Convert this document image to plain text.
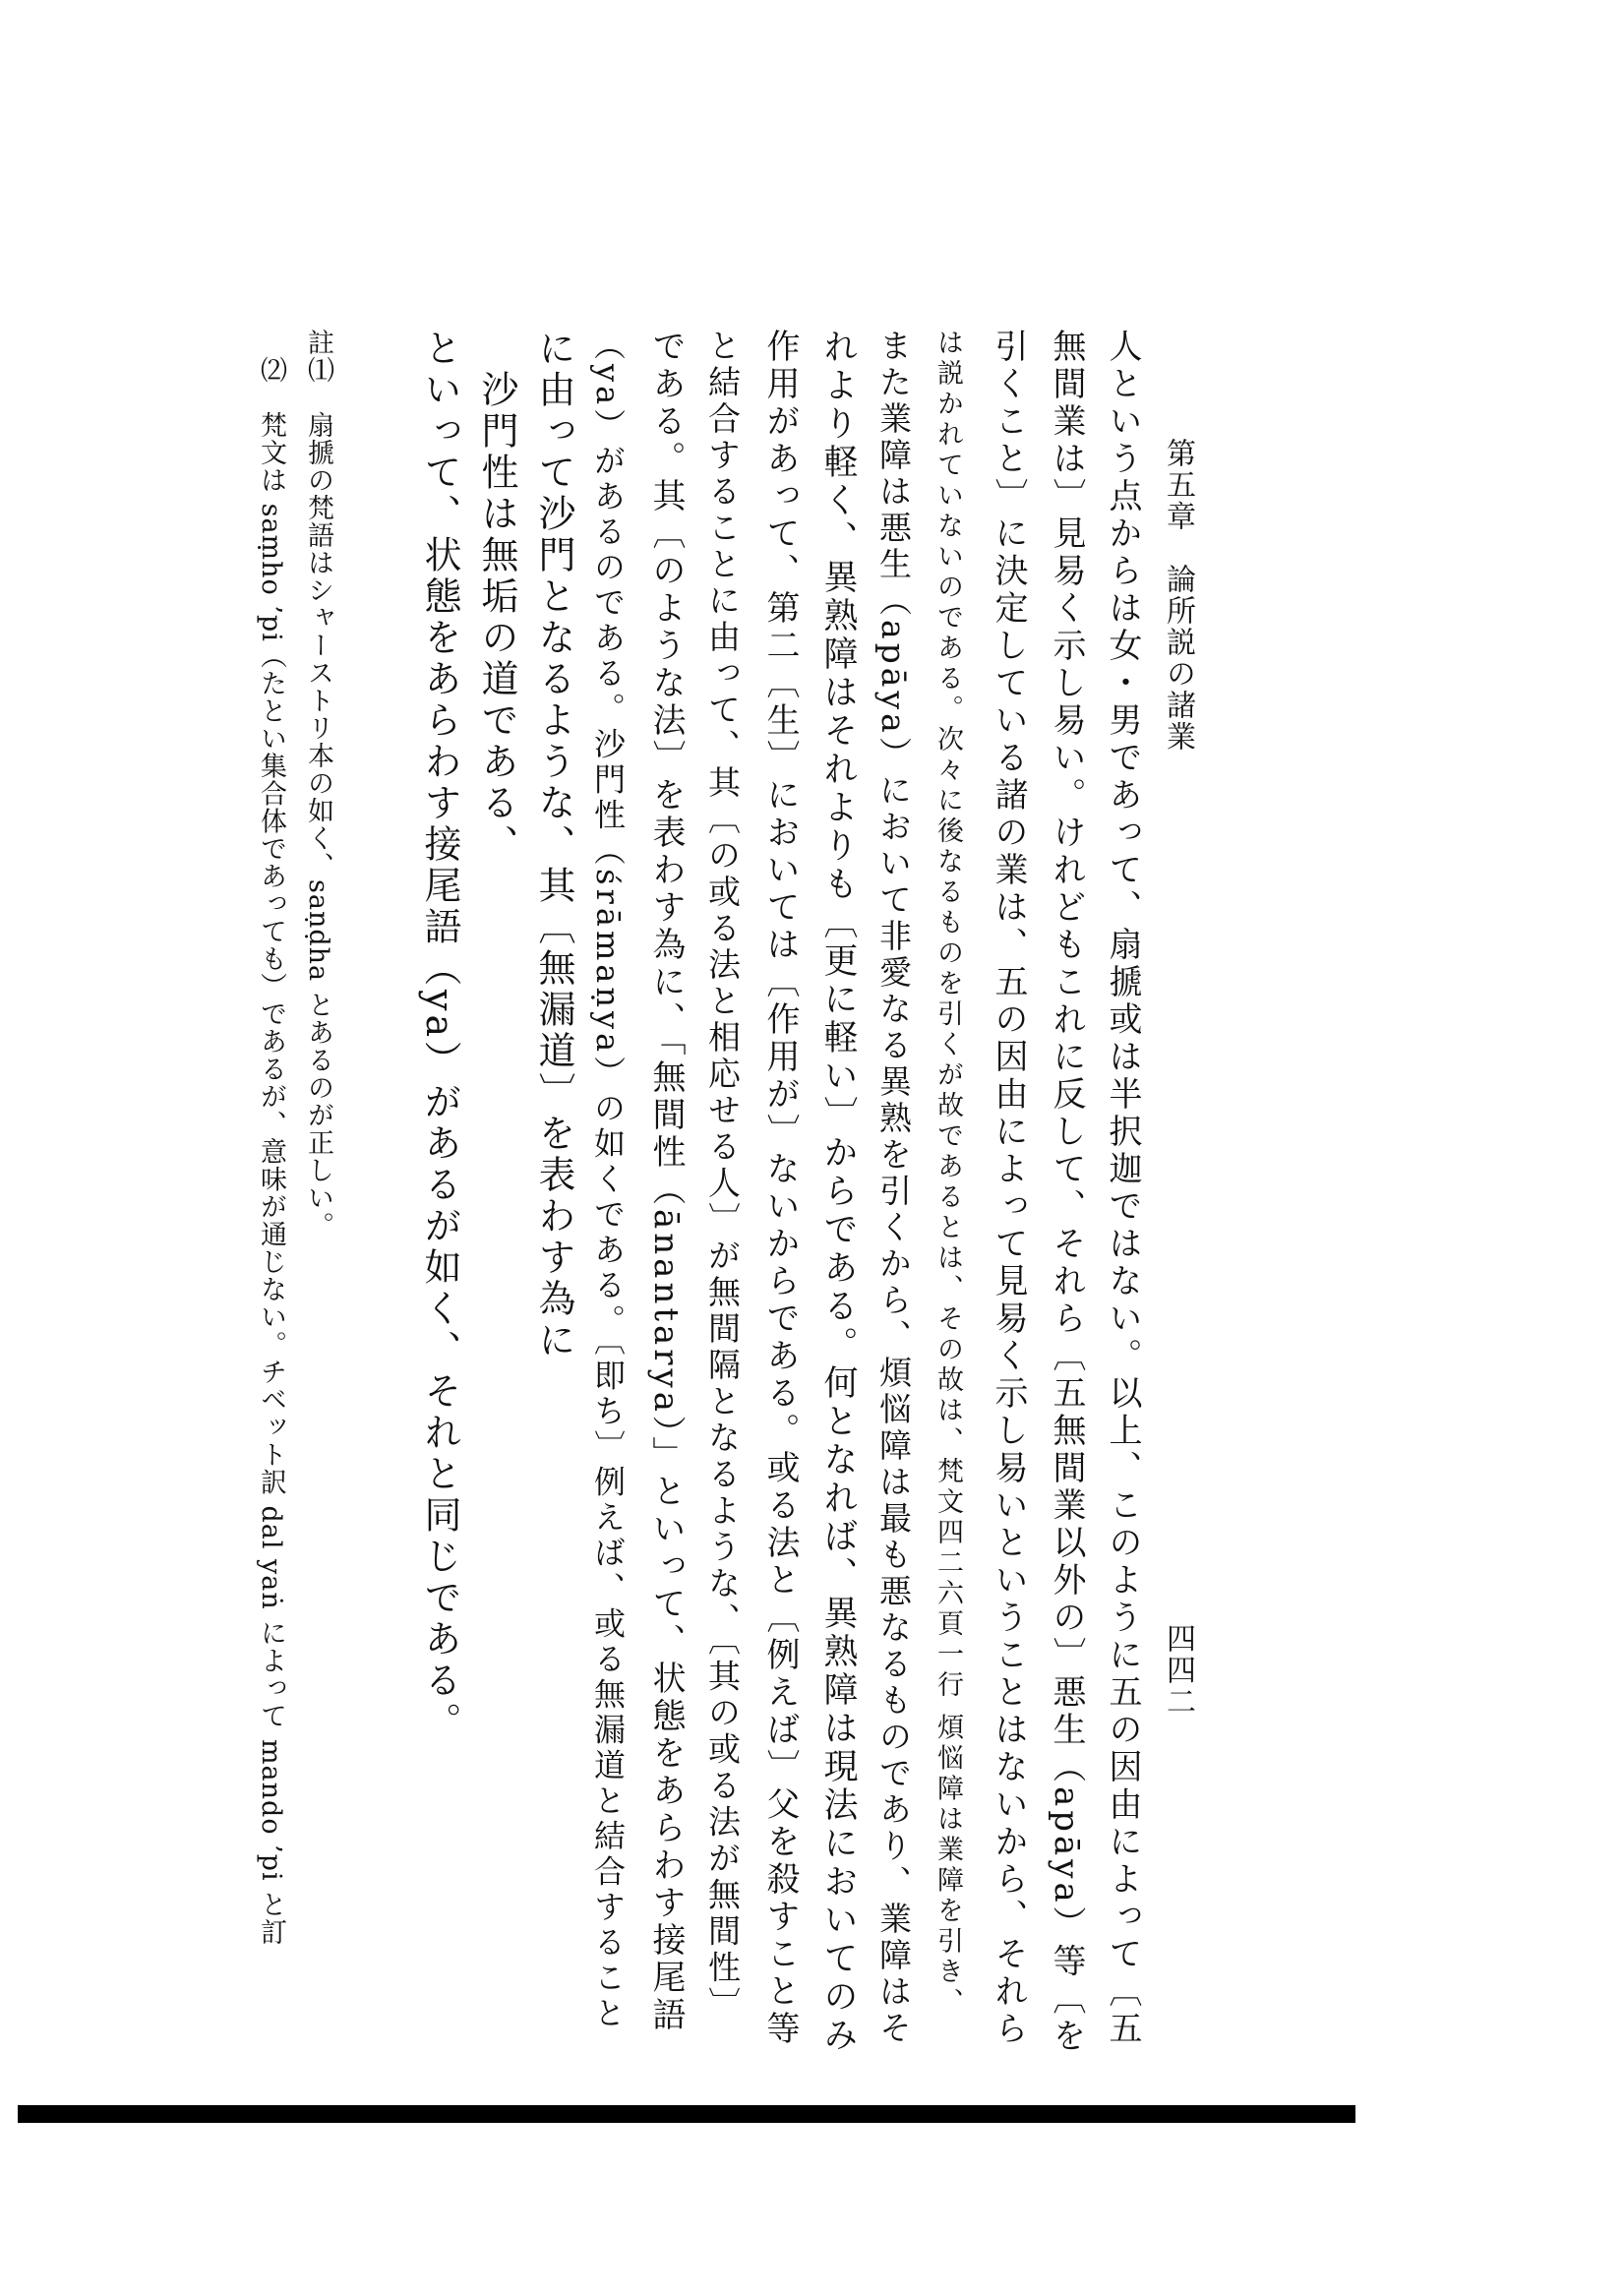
第五章　論所説の諸業
四四二
人という点からは女・男であって、扇搋或は半択迦ではない。以上、このように五の因由によって〔五
無間業は〕見易く示し易い。けれどもこれに反して、それら〔五無間業以外の〕悪生（apāya）等〔を
引くこと〕に決定している諸の業は、五の因由によって見易く示し易いということはないから、それら
は説かれていないのである。次々に後なるものを引くが故であるとは、その故は、梵文四二六頁一行 煩悩障は業障を引き、
また業障は悪生（apāya）において非愛なる異熟を引くから、煩悩障は最も悪なるものであり、業障はそ
れより軽く、異熟障はそれよりも〔更に軽い〕からである。何となれば、異熟障は現法においてのみ
作用があって、第二〔生〕においては〔作用が〕ないからである。或る法と〔例えば〕父を殺すこと等
と結合することに由って、其〔の或る法と相応せる人〕が無間隔となるような、〔其の或る法が無間性〕
である。其〔のような法〕を表わす為に、「無間性（ānantarya）」といって、状態をあらわす接尾語
（ya）があるのである。沙門性（śrāmaṇya）の如くである。〔即ち〕例えば、或る無漏道と結合すること
に由って沙門となるような、其〔無漏道〕を表わす為に
　沙門性は無垢の道である、
といって、状態をあらわす接尾語（ya）があるが如く、それと同じである。
註⑴　扇搋の梵語はシャーストリ本の如く、saṇḍha とあるのが正しい。
　⑵　梵文は saṃho ’pi（たとい集合体であっても）であるが、意味が通じない。チベット訳 dal yaṅ によって mando ’pi と訂
